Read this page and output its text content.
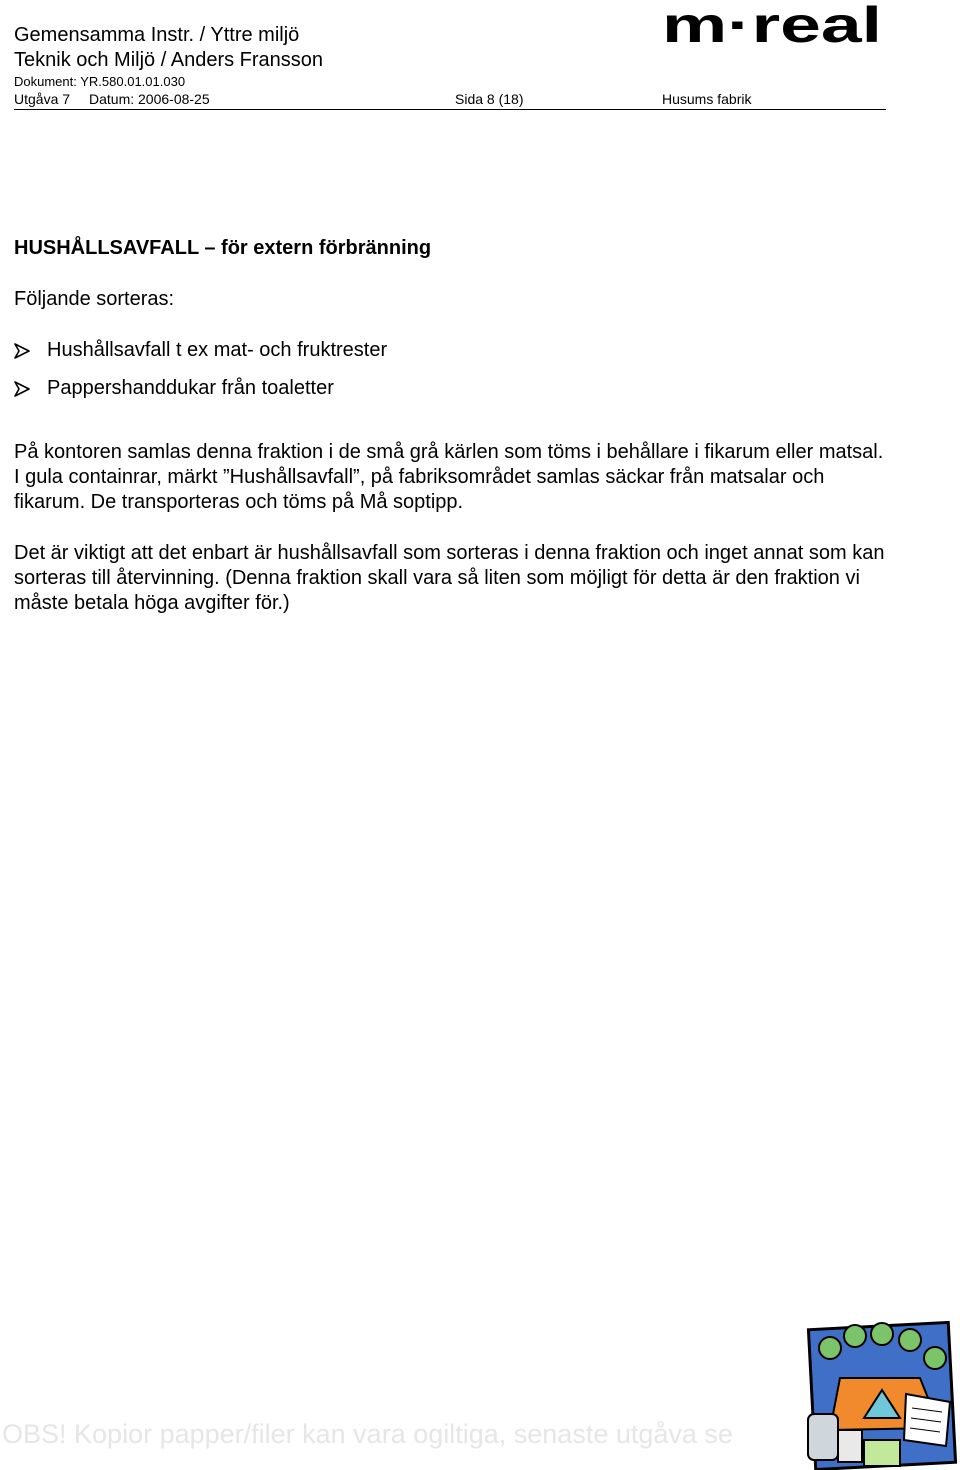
Gemensamma Instr. / Yttre miljö
Teknik och Miljö / Anders Fransson
Dokument: YR.580.01.01.030
Utgåva 7 Datum: 2006-08-25	Sida 8 (18)	Husums fabrik
m·real
HUSHÅLLSAVFALL – för extern förbränning
Följande sorteras:
Hushållsavfall t ex mat- och fruktrester
Pappershanddukar från toaletter
På kontoren samlas denna fraktion i de små grå kärlen som töms i behållare i fikarum eller matsal. I gula containrar, märkt ”Hushållsavfall”, på fabriksområdet samlas säckar från matsalar och fikarum. De transporteras och töms på Må soptipp.
Det är viktigt att det enbart är hushållsavfall som sorteras i denna fraktion och inget annat som kan sorteras till återvinning. (Denna fraktion skall vara så liten som möjligt för detta är den fraktion vi måste betala höga avgifter för.)
OBS! Kopior papper/filer kan vara ogiltiga, senaste utgåva se
